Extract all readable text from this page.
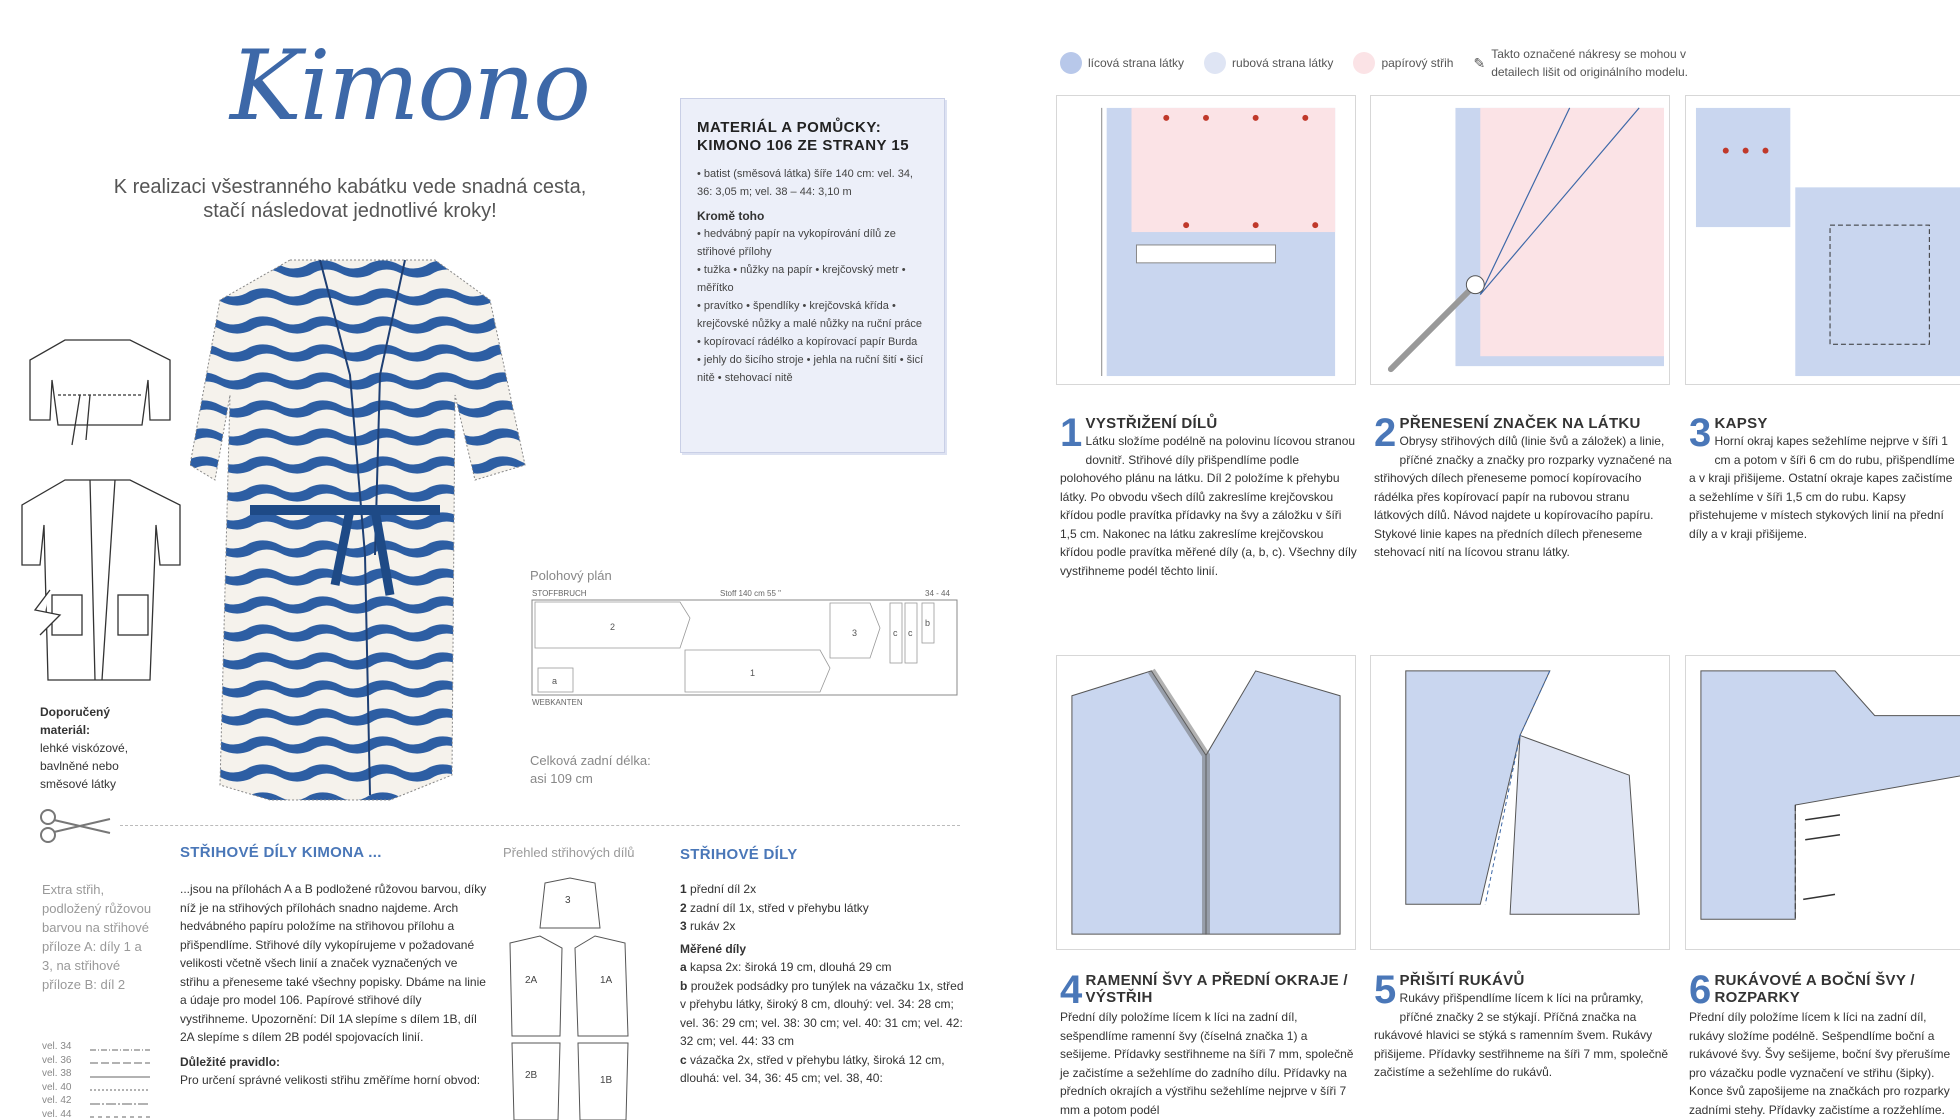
Kimono
K realizaci všestranného kabátku vede snadná cesta, stačí následovat jednotlivé kroky!
MATERIÁL A POMŮCKY: KIMONO 106 ZE STRANY 15
• batist (směsová látka) šíře 140 cm: vel. 34, 36: 3,05 m; vel. 38 – 44: 3,10 m
Kromě toho
• hedvábný papír na vykopírování dílů ze střihové přílohy
• tužka • nůžky na papír • krejčovský metr • měřítko
• pravítko • špendlíky • krejčovská křída • krejčovské nůžky a malé nůžky na ruční práce
• kopírovací rádélko a kopírovací papír Burda
• jehly do šicího stroje • jehla na ruční šití • šicí nitě • stehovací nitě
Doporučený materiál:
lehké viskózové, bavlněné nebo směsové látky
Polohový plán
STOFFBRUCH	Stoff 140 cm 55 "	34 - 44
2
1
3
a
c c
b
WEBKANTEN
Celková zadní délka:
asi 109 cm
STŘIHOVÉ DÍLY KIMONA ...
Extra střih, podložený růžovou barvou na střihové příloze A: díly 1 a 3, na střihové příloze B: díl 2
vel. 34
vel. 36
vel. 38
vel. 40
vel. 42
vel. 44
...jsou na přílohách A a B podložené růžovou barvou, díky níž je na střihových přílohách snadno najdeme. Arch hedvábného papíru položíme na střihovou přílohu a přišpendlíme. Střihové díly vykopírujeme v požadované velikosti včetně všech linií a značek vyznačených ve střihu a přeneseme také všechny popisky. Dbáme na linie a údaje pro model 106. Papírové střihové díly vystřihneme. Upozornění: Díl 1A slepíme s dílem 1B, díl 2A slepíme s dílem 2B podél spojovacích linií.
Důležité pravidlo:
Pro určení správné velikosti střihu změříme horní obvod:
Přehled střihových dílů
3
2A	1A
2B	1B
STŘIHOVÉ DÍLY
1 přední díl 2x
2 zadní díl 1x, střed v přehybu látky
3 rukáv 2x
Měřené díly
a kapsa 2x: široká 19 cm, dlouhá 29 cm
b proužek podsádky pro tunýlek na vázačku 1x, střed v přehybu látky, široký 8 cm, dlouhý: vel. 34: 28 cm; vel. 36: 29 cm; vel. 38: 30 cm; vel. 40: 31 cm; vel. 42: 32 cm; vel. 44: 33 cm
c vázačka 2x, střed v přehybu látky, široká 12 cm, dlouhá: vel. 34, 36: 45 cm; vel. 38, 40:
lícová strana látky	rubová strana látky	papírový střih ✎
Takto označené nákresy se mohou v detailech lišit od originálního modelu.
1 VYSTŘIŽENÍ DÍLŮ
Látku složíme podélně na polovinu lícovou stranou dovnitř. Střihové díly přišpendlíme podle polohového plánu na látku. Díl 2 položíme k přehybu látky. Po obvodu všech dílů zakreslíme krejčovskou křídou podle pravítka přídavky na švy a záložku v šíři 1,5 cm. Nakonec na látku zakreslíme krejčovskou křídou podle pravítka měřené díly (a, b, c). Všechny díly vystřihneme podél těchto linií.
2 PŘENESENÍ ZNAČEK NA LÁTKU
Obrysy střihových dílů (linie švů a záložek) a linie, příčné značky a značky pro rozparky vyznačené na střihových dílech přeneseme pomocí kopírovacího rádélka přes kopírovací papír na rubovou stranu látkových dílů. Návod najdete u kopírovacího papíru. Stykové linie kapes na předních dílech přeneseme stehovací nití na lícovou stranu látky.
3 KAPSY
Horní okraj kapes sežehlíme nejprve v šíři 1 cm a potom v šíři 6 cm do rubu, přišpendlíme a v kraji přišijeme. Ostatní okraje kapes začistíme a sežehlíme v šíři 1,5 cm do rubu. Kapsy přistehujeme v místech stykových linií na přední díly a v kraji přišijeme.
4 RAMENNÍ ŠVY A PŘEDNÍ OKRAJE / VÝSTŘIH
Přední díly položíme lícem k líci na zadní díl, sešpendlíme ramenní švy (číselná značka 1) a sešijeme. Přídavky sestřihneme na šíři 7 mm, společně je začistíme a sežehlíme do zadního dílu. Přídavky na předních okrajích a výstřihu sežehlíme nejprve v šíři 7 mm a potom podél
5 PŘIŠITÍ RUKÁVŮ
Rukávy přišpendlíme lícem k líci na průramky, příčné značky 2 se stýkají. Příčná značka na rukávové hlavici se stýká s ramenním švem. Rukávy přišijeme. Přídavky sestřihneme na šíři 7 mm, společně začistíme a sežehlíme do rukávů.
6 RUKÁVOVÉ A BOČNÍ ŠVY / ROZPARKY
Přední díly položíme lícem k líci na zadní díl, rukávy složíme podélně. Sešpendlíme boční a rukávové švy. Švy sešijeme, boční švy přerušíme pro vázačku podle vyznačení ve střihu (šipky). Konce švů zapošijeme na značkách pro rozparky zadními stehy. Přídavky začistíme a rozžehlíme.
